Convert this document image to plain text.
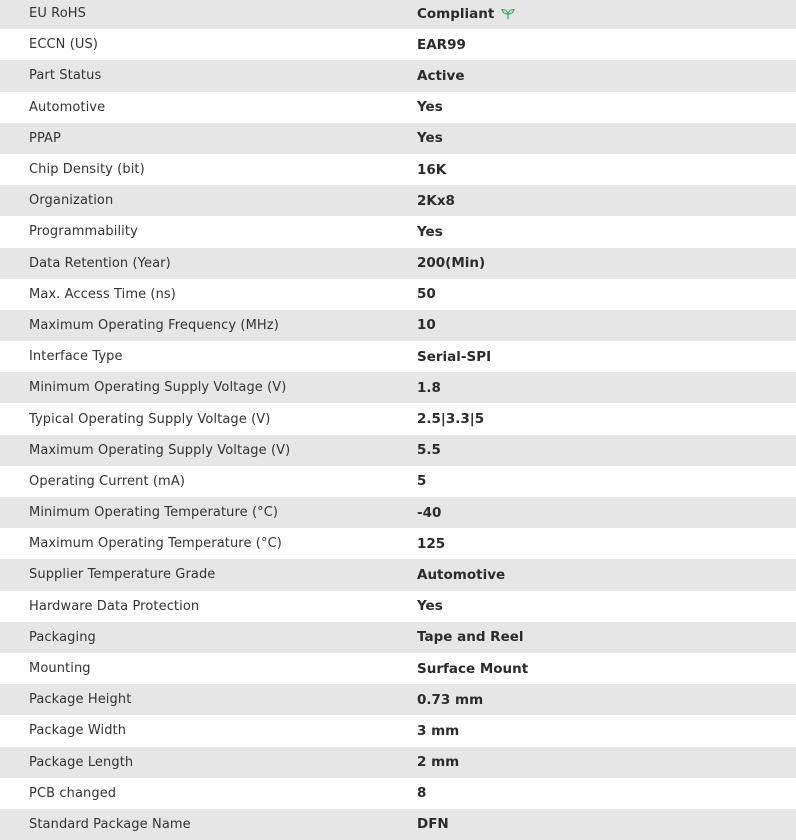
EU RoHS	Compliant
ECCN (US)	EAR99
Part Status	Active
Automotive	Yes
PPAP	Yes
Chip Density (bit)	16K
Organization	2Kx8
Programmability	Yes
Data Retention (Year)	200(Min)
Max. Access Time (ns)	50
Maximum Operating Frequency (MHz)	10
Interface Type	Serial-SPI
Minimum Operating Supply Voltage (V)	1.8
Typical Operating Supply Voltage (V)	2.5|3.3|5
Maximum Operating Supply Voltage (V)	5.5
Operating Current (mA)	5
Minimum Operating Temperature (°C)	-40
Maximum Operating Temperature (°C)	125
Supplier Temperature Grade	Automotive
Hardware Data Protection	Yes
Packaging	Tape and Reel
Mounting	Surface Mount
Package Height	0.73 mm
Package Width	3 mm
Package Length	2 mm
PCB changed	8
Standard Package Name	DFN
